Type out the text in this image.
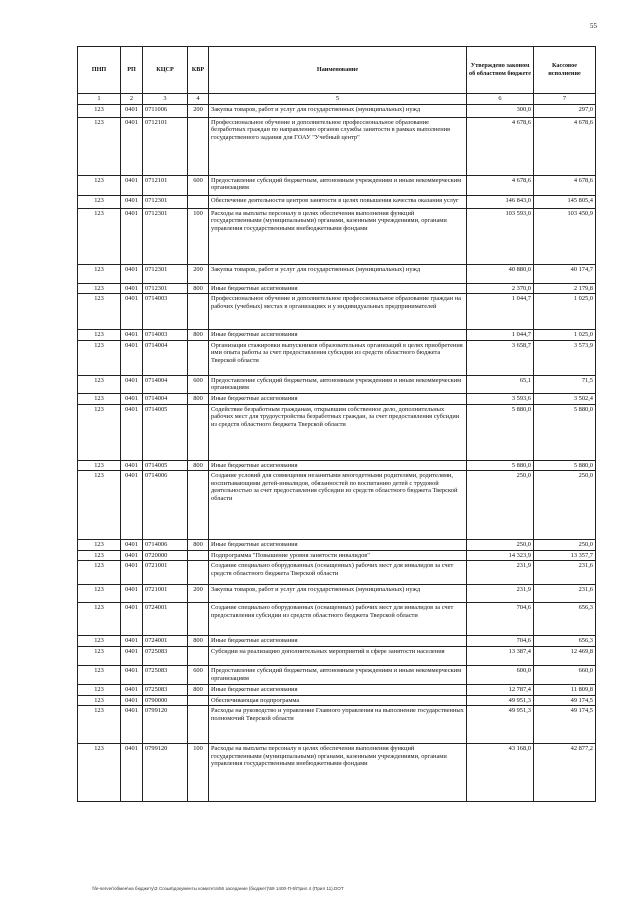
55
ПНП	РП	КЦСР	КВР	Наименование	Утверждено законом об областном бюджете	Кассовое исполнение
1	2	3	4	5	6	7
123	0401	0711006	200	Закупка товаров, работ и услуг для государственных (муниципальных) нужд	300,0	297,0
123	0401	0712101		Профессиональное обучение и дополнительное профессиональное образование безработных граждан по направлению органов службы занятости в рамках выполнения государственного задания для ГОАУ "Учебный центр"	4 678,6	4 678,6
123	0401	0712101	600	Предоставление субсидий бюджетным, автономным учреждениям и иным некоммерческим организациям	4 678,6	4 678,6
123	0401	0712301		Обеспечение деятельности центров занятости в целях повышения качества оказания услуг	146 843,0	145 805,4
123	0401	0712301	100	Расходы на выплаты персоналу в целях обеспечения выполнения функций государственными (муниципальными) органами, казенными учреждениями, органами управления государственными внебюджетными фондами	103 593,0	103 450,9
123	0401	0712301	200	Закупка товаров, работ и услуг для государственных (муниципальных) нужд	40 880,0	40 174,7
123	0401	0712301	800	Иные бюджетные ассигнования	2 370,0	2 179,8
123	0401	0714003		Профессиональное обучение и дополнительное профессиональное образование граждан на рабочих (учебных) местах в организациях и у индивидуальных предпринимателей	1 044,7	1 025,0
123	0401	0714003	800	Иные бюджетные ассигнования	1 044,7	1 025,0
123	0401	0714004		Организация стажировки выпускников образовательных организаций в целях приобретения ими опыта работы за счет предоставления субсидии из средств областного бюджета Тверской области	3 658,7	3 573,9
123	0401	0714004	600	Предоставление субсидий бюджетным, автономным учреждениям и иным некоммерческим организациям	65,1	71,5
123	0401	0714004	800	Иные бюджетные ассигнования	3 593,6	3 502,4
123	0401	0714005		Содействие безработным гражданам, открывшим собственное дело, дополнительных рабочих мест для трудоустройства безработных граждан, за счет предоставления субсидии из средств областного бюджета Тверской области	5 880,0	5 880,0
123	0401	0714005	800	Иные бюджетные ассигнования	5 880,0	5 880,0
123	0401	0714006		Создание условий для совмещения незанятыми многодетными родителями, родителями, воспитывающими детей-инвалидов, обязанностей по воспитанию детей с трудовой деятельностью за счет предоставления субсидии из средств областного бюджета Тверской области	250,0	250,0
123	0401	0714006	800	Иные бюджетные ассигнования	250,0	250,0
123	0401	0720000		Подпрограмма "Повышение уровня занятости инвалидов"	14 323,9	13 357,7
123	0401	0721001		Создание специально оборудованных (оснащенных) рабочих мест для инвалидов за счет средств областного бюджета Тверской области	231,9	231,6
123	0401	0721001	200	Закупка товаров, работ и услуг для государственных (муниципальных) нужд	231,9	231,6
123	0401	0724001		Создание специально оборудованных (оснащенных) рабочих мест для инвалидов за счет предоставления субсидии из средств областного бюджета Тверской области	704,6	656,3
123	0401	0724001	800	Иные бюджетные ассигнования	704,6	656,3
123	0401	0725083		Субсидии на реализацию дополнительных мероприятий в сфере занятости населения	13 387,4	12 469,8
123	0401	0725083	600	Предоставление субсидий бюджетным, автономным учреждениям и иным некоммерческим организациям	600,0	660,0
123	0401	0725083	800	Иные бюджетные ассигнования	12 787,4	11 809,8
123	0401	0790000		Обеспечивающая подпрограмма	49 951,3	49 174,5
123	0401	0799120		Расходы на руководство и управление Главного управления на выполнение государственных полномочий Тверской области	49 951,3	49 174,5
123	0401	0799120	100	Расходы на выплаты персоналу в целях обеспечения выполнения функций государственными (муниципальными) органами, казенными учреждениями, органами управления государственными внебюджетными фондами	43 168,0	42 877,2
\\fe-server\обмен\на бюджету\З Созыв\документы комитета\56 заседание (бюджет)\59 1400-П-5\Прил 4 (Прил 11).DOT
